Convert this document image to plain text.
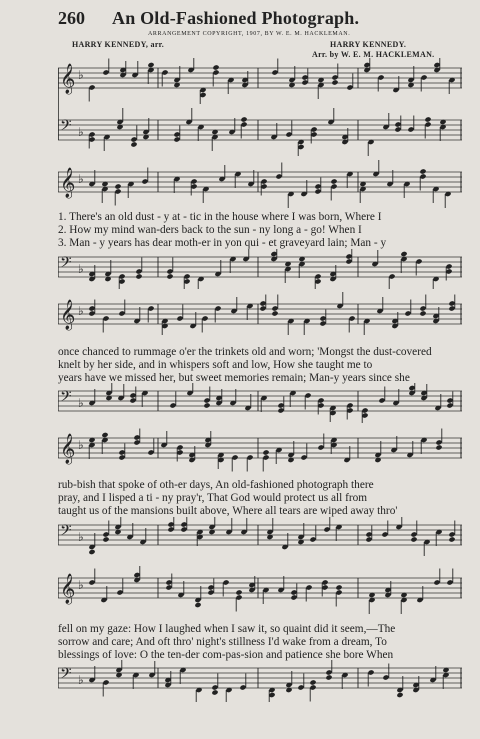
260 An Old-Fashioned Photograph.
ARRANGEMENT COPYRIGHT, 1907, BY W. E. M. HACKLEMAN.
HARRY KENNEDY, arr.	HARRY KENNEDY.
Arr. by W. E. M. HACKLEMAN.
𝄞 ♭
𝄢 ♭
𝄞 ♭
1. There's an old dust - y at - tic in the house where I was born, Where I
2. How my mind wan-ders back to the sun - ny long a - go! When I
3. Man - y years has dear moth-er in yon qui - et graveyard lain; Man - y
𝄢 ♭
𝄞 ♭
once chanced to rummage o'er the trinkets old and worn; 'Mongst the dust-covered
knelt by her side, and in whispers soft and low, How she taught me to
years have we missed her, but sweet memories remain; Man-y years since she
𝄢 ♭
𝄞 ♭
rub-bish that spoke of oth-er days, An old-fashioned photograph there
pray, and I lisped a ti - ny pray'r, That God would protect us all from
taught us of the mansions built above, Where all tears are wiped away thro'
𝄢 ♭
𝄞 ♭
fell on my gaze: How I laughed when I saw it, so quaint did it seem,—The
sorrow and care; And oft thro' night's stillness I'd wake from a dream, To
blessings of love: O the ten-der com-pas-sion and patience she bore When
𝄢 ♭
